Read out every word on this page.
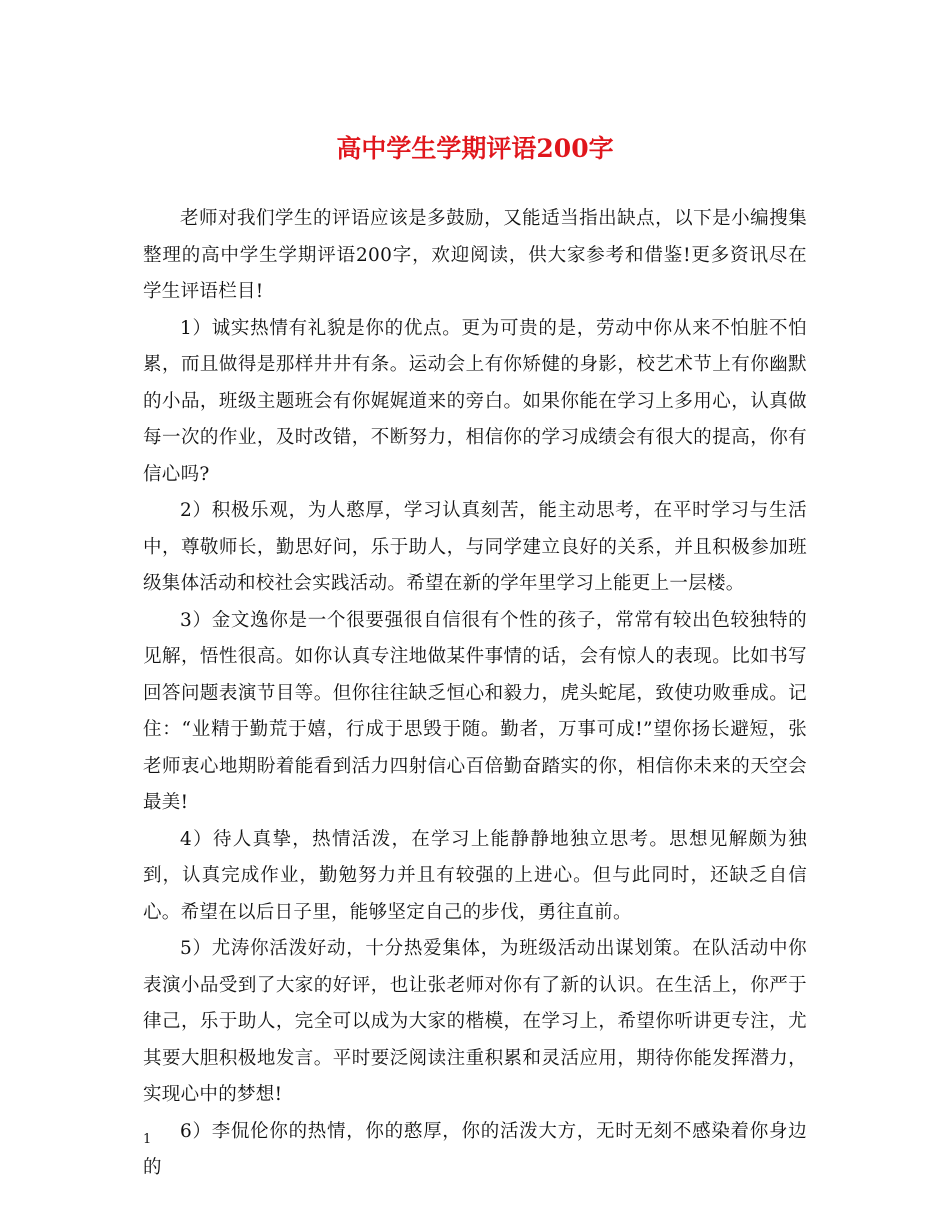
高中学生学期评语200字

老师对我们学生的评语应该是多鼓励，又能适当指出缺点，以下是小编搜集整理的高中学生学期评语200字，欢迎阅读，供大家参考和借鉴!更多资讯尽在学生评语栏目!

1）诚实热情有礼貌是你的优点。更为可贵的是，劳动中你从来不怕脏不怕累，而且做得是那样井井有条。运动会上有你矫健的身影，校艺术节上有你幽默的小品，班级主题班会有你娓娓道来的旁白。如果你能在学习上多用心，认真做每一次的作业，及时改错，不断努力，相信你的学习成绩会有很大的提高，你有信心吗?

2）积极乐观，为人憨厚，学习认真刻苦，能主动思考，在平时学习与生活中，尊敬师长，勤思好问，乐于助人，与同学建立良好的关系，并且积极参加班级集体活动和校社会实践活动。希望在新的学年里学习上能更上一层楼。

3）金文逸你是一个很要强很自信很有个性的孩子，常常有较出色较独特的见解，悟性很高。如你认真专注地做某件事情的话，会有惊人的表现。比如书写回答问题表演节目等。但你往往缺乏恒心和毅力，虎头蛇尾，致使功败垂成。记住：“业精于勤荒于嬉，行成于思毁于随。勤者，万事可成!”望你扬长避短，张老师衷心地期盼着能看到活力四射信心百倍勤奋踏实的你，相信你未来的天空会最美!

4）待人真挚，热情活泼，在学习上能静静地独立思考。思想见解颇为独到，认真完成作业，勤勉努力并且有较强的上进心。但与此同时，还缺乏自信心。希望在以后日子里，能够坚定自己的步伐，勇往直前。

5）尤涛你活泼好动，十分热爱集体，为班级活动出谋划策。在队活动中你表演小品受到了大家的好评，也让张老师对你有了新的认识。在生活上，你严于律己，乐于助人，完全可以成为大家的楷模，在学习上，希望你听讲更专注，尤其要大胆积极地发言。平时要泛阅读注重积累和灵活应用，期待你能发挥潜力，实现心中的梦想!

6）李侃伦你的热情，你的憨厚，你的活泼大方，无时无刻不感染着你身边的

1
